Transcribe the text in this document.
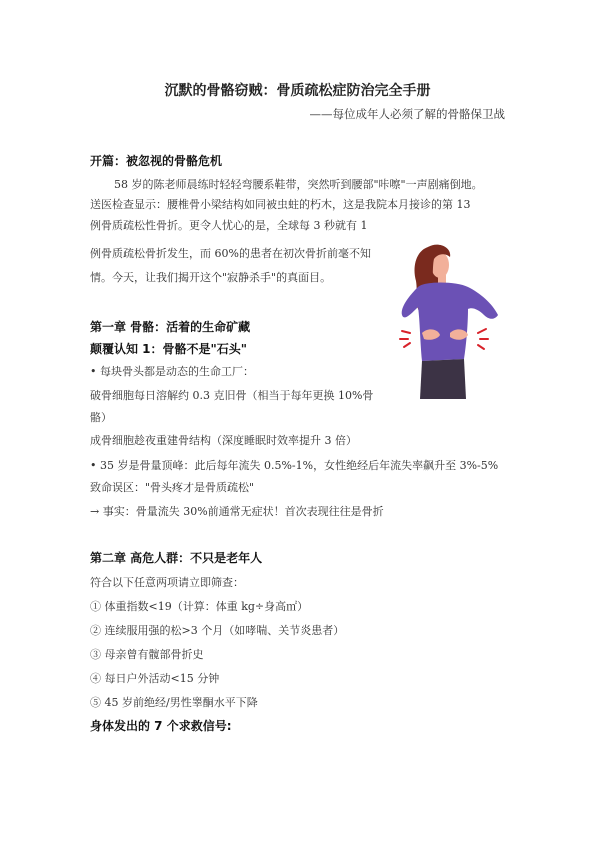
沉默的骨骼窃贼：骨质疏松症防治完全手册
——每位成年人必须了解的骨骼保卫战
开篇：被忽视的骨骼危机
58 岁的陈老师晨练时轻轻弯腰系鞋带，突然听到腰部"咔嚓"一声剧痛倒地。
送医检查显示：腰椎骨小梁结构如同被虫蛀的朽木，这是我院本月接诊的第 13
例骨质疏松性骨折。更令人忧心的是，全球每 3 秒就有 1
例骨质疏松骨折发生，而 60%的患者在初次骨折前毫不知
情。今天，让我们揭开这个"寂静杀手"的真面目。
第一章 骨骼：活着的生命矿藏
颠覆认知 1：骨骼不是"石头"
• 每块骨头都是动态的生命工厂：
破骨细胞每日溶解约 0.3 克旧骨（相当于每年更换 10%骨
骼）
成骨细胞趁夜重建骨结构（深度睡眠时效率提升 3 倍）
• 35 岁是骨量顶峰：此后每年流失 0.5%-1%，女性绝经后年流失率飙升至 3%-5%
致命误区："骨头疼才是骨质疏松"
→ 事实：骨量流失 30%前通常无症状！首次表现往往是骨折
第二章 高危人群：不只是老年人
符合以下任意两项请立即筛查：
① 体重指数<19（计算：体重 kg÷身高㎡）
② 连续服用强的松>3 个月（如哮喘、关节炎患者）
③ 母亲曾有髋部骨折史
④ 每日户外活动<15 分钟
⑤ 45 岁前绝经/男性睾酮水平下降
身体发出的 7 个求救信号:
